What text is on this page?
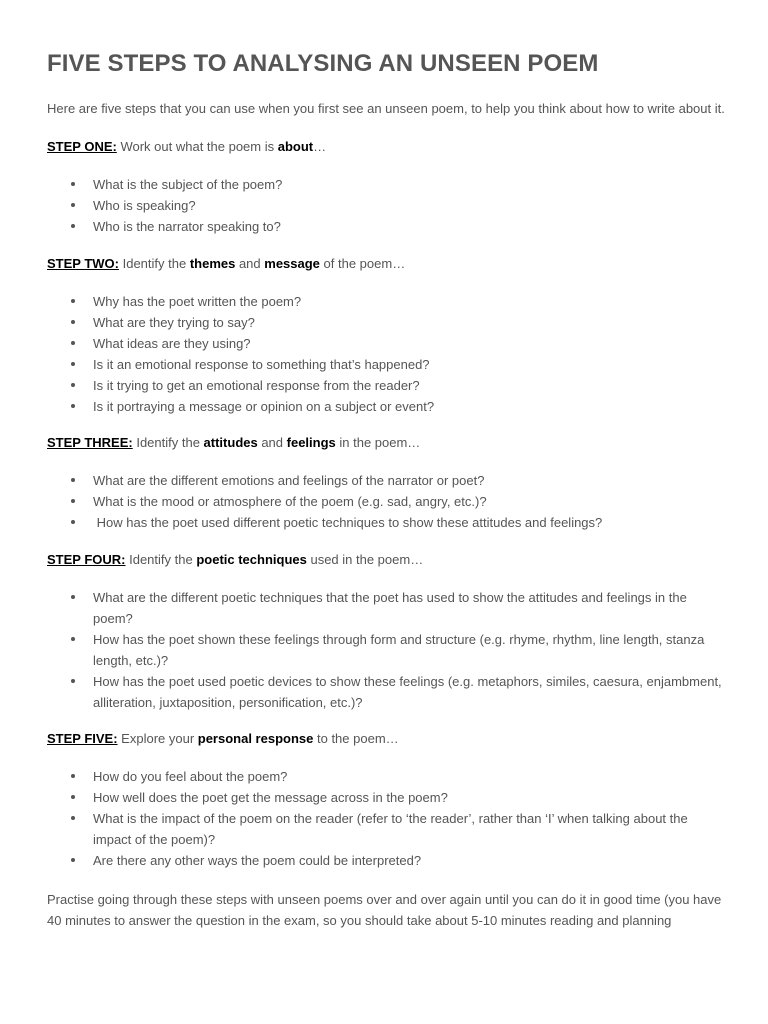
FIVE STEPS TO ANALYSING AN UNSEEN POEM

Here are five steps that you can use when you first see an unseen poem, to help you think about how to write about it.

STEP ONE: Work out what the poem is about…

What is the subject of the poem?
Who is speaking?
Who is the narrator speaking to?

STEP TWO: Identify the themes and message of the poem…

Why has the poet written the poem?
What are they trying to say?
What ideas are they using?
Is it an emotional response to something that’s happened?
Is it trying to get an emotional response from the reader?
Is it portraying a message or opinion on a subject or event?

STEP THREE: Identify the attitudes and feelings in the poem…

What are the different emotions and feelings of the narrator or poet?
What is the mood or atmosphere of the poem (e.g. sad, angry, etc.)?
How has the poet used different poetic techniques to show these attitudes and feelings?

STEP FOUR: Identify the poetic techniques used in the poem…

What are the different poetic techniques that the poet has used to show the attitudes and feelings in the poem?
How has the poet shown these feelings through form and structure (e.g. rhyme, rhythm, line length, stanza length, etc.)?
How has the poet used poetic devices to show these feelings (e.g. metaphors, similes, caesura, enjambment, alliteration, juxtaposition, personification, etc.)?

STEP FIVE: Explore your personal response to the poem…

How do you feel about the poem?
How well does the poet get the message across in the poem?
What is the impact of the poem on the reader (refer to ‘the reader’, rather than ‘I’ when talking about the impact of the poem)?
Are there any other ways the poem could be interpreted?

Practise going through these steps with unseen poems over and over again until you can do it in good time (you have 40 minutes to answer the question in the exam, so you should take about 5-10 minutes reading and planning
